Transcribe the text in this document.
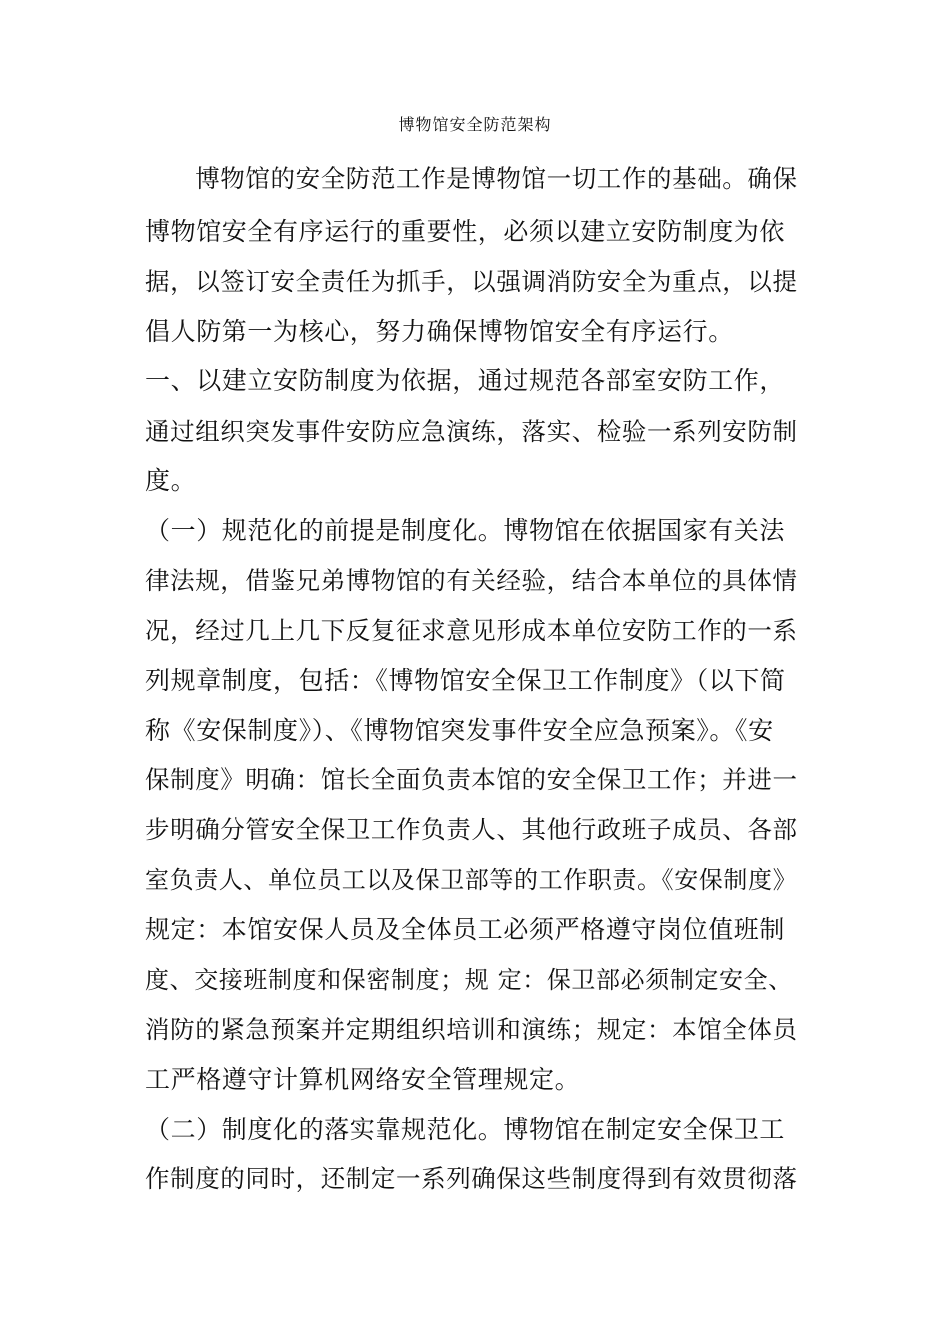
博物馆安全防范架构
　　博物馆的安全防范工作是博物馆一切工作的基础。确保
博物馆安全有序运行的重要性，必须以建立安防制度为依
据，以签订安全责任为抓手，以强调消防安全为重点，以提
倡人防第一为核心，努力确保博物馆安全有序运行。
一、以建立安防制度为依据，通过规范各部室安防工作，
通过组织突发事件安防应急演练，落实、检验一系列安防制
度。
（一）规范化的前提是制度化。博物馆在依据国家有关法
律法规，借鉴兄弟博物馆的有关经验，结合本单位的具体情
况，经过几上几下反复征求意见形成本单位安防工作的一系
列规章制度，包括：《博物馆安全保卫工作制度》（以下简
称《安保制度》）、《博物馆突发事件安全应急预案》。《安
保制度》明确：馆长全面负责本馆的安全保卫工作；并进一
步明确分管安全保卫工作负责人、其他行政班子成员、各部
室负责人、单位员工以及保卫部等的工作职责。《安保制度》
规定：本馆安保人员及全体员工必须严格遵守岗位值班制
度、交接班制度和保密制度；规 定：保卫部必须制定安全、
消防的紧急预案并定期组织培训和演练；规定：本馆全体员
工严格遵守计算机网络安全管理规定。
（二）制度化的落实靠规范化。博物馆在制定安全保卫工
作制度的同时，还制定一系列确保这些制度得到有效贯彻落
